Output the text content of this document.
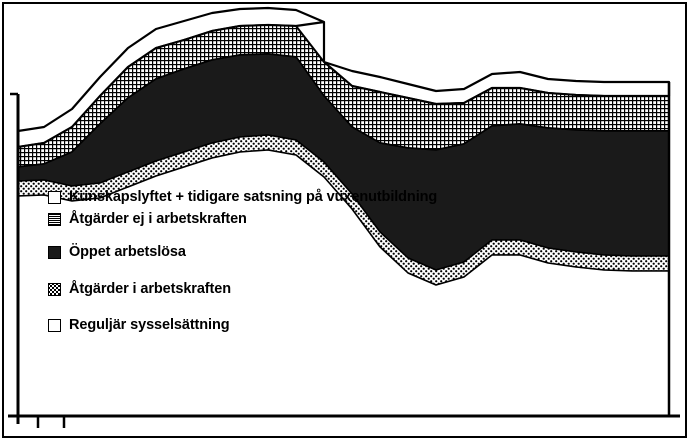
Kunskapslyftet + tidigare satsning på vuxenutbildning
Åtgärder ej i arbetskraften
Öppet arbetslösa
Åtgärder i arbetskraften
Reguljär sysselsättning
